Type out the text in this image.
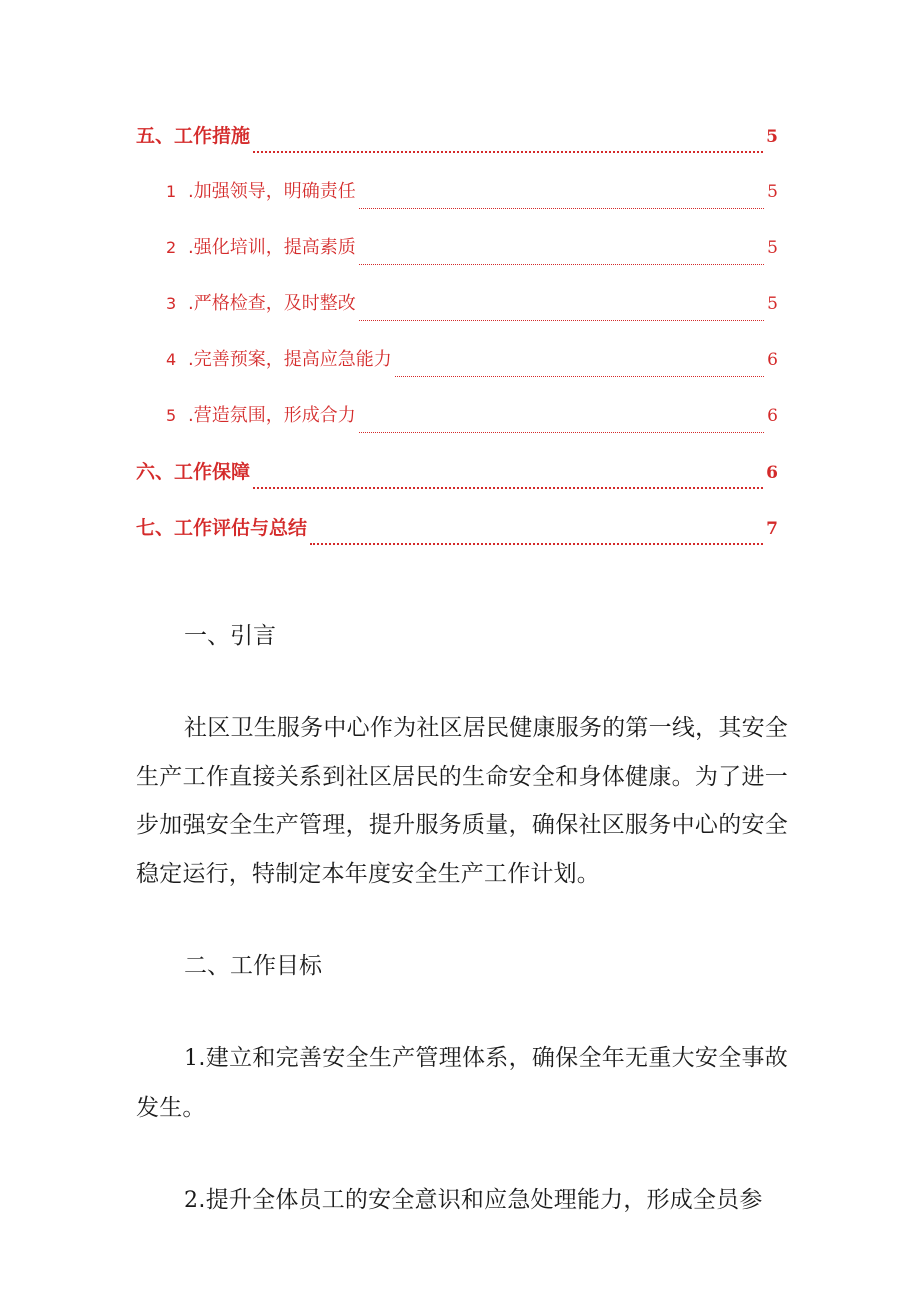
五、工作措施	5
1 .加强领导，明确责任	5
2 .强化培训，提高素质	5
3 .严格检查，及时整改	5
4 .完善预案，提高应急能力	6
5 .营造氛围，形成合力	6
六、工作保障	6
七、工作评估与总结	7
一、引言

社区卫生服务中心作为社区居民健康服务的第一线，其安全生产工作直接关系到社区居民的生命安全和身体健康。为了进一步加强安全生产管理，提升服务质量，确保社区服务中心的安全稳定运行，特制定本年度安全生产工作计划。

二、工作目标

1.建立和完善安全生产管理体系，确保全年无重大安全事故发生。

2.提升全体员工的安全意识和应急处理能力，形成全员参
